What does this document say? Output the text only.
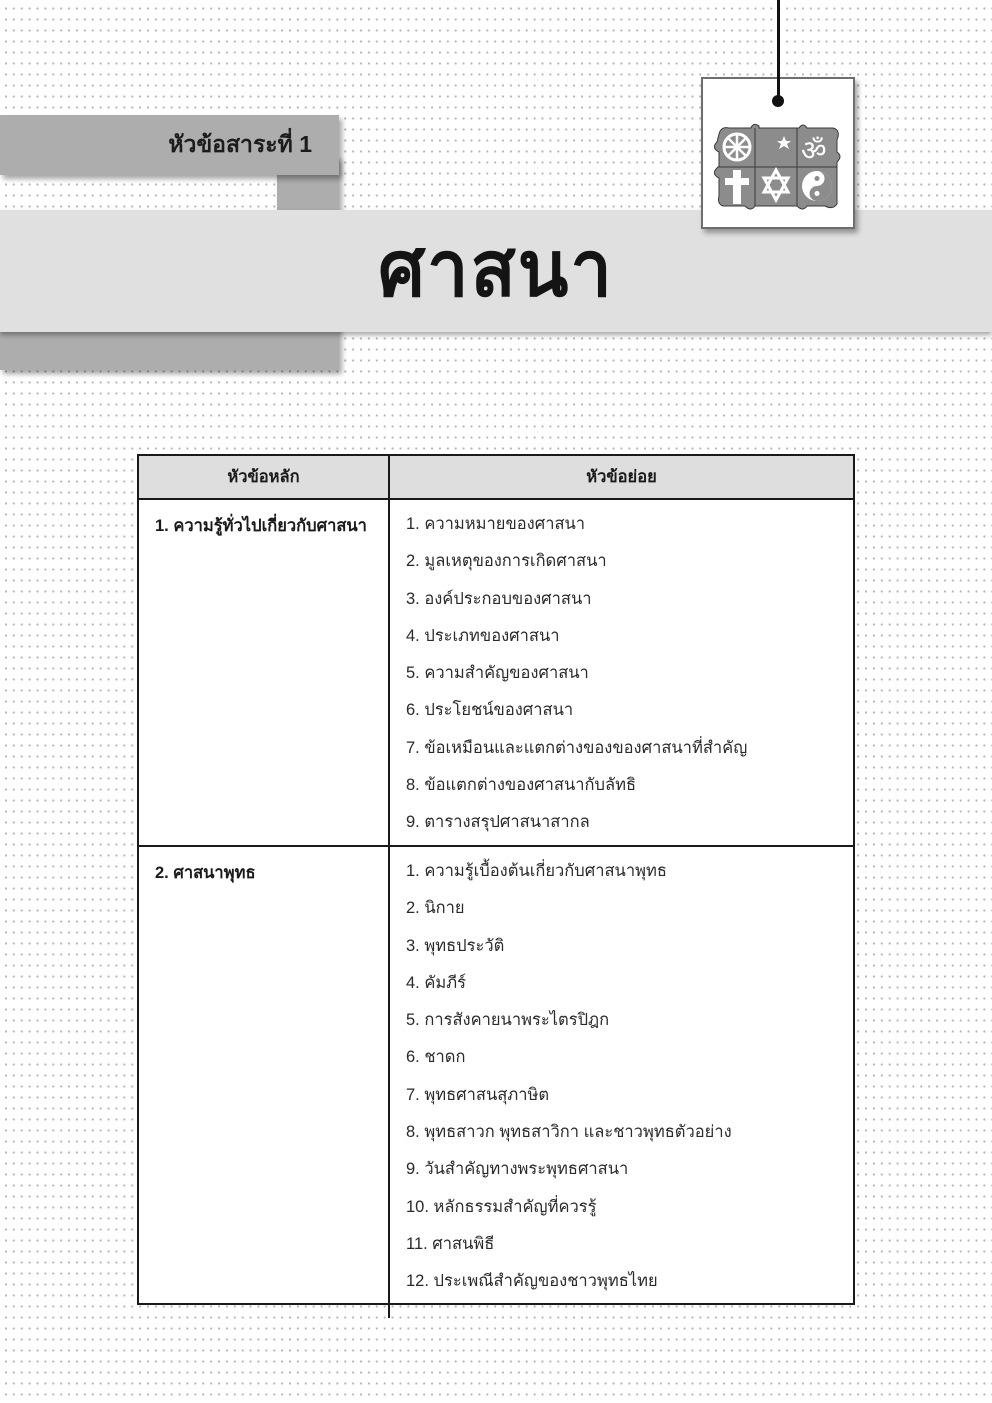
หัวข้อสาระที่ 1
ศาสนา
ॐ
หัวข้อหลัก	หัวข้อย่อย
1. ความรู้ทั่วไปเกี่ยวกับศาสนา	1. ความหมายของศาสนา
2. มูลเหตุของการเกิดศาสนา
3. องค์ประกอบของศาสนา
4. ประเภทของศาสนา
5. ความสำคัญของศาสนา
6. ประโยชน์ของศาสนา
7. ข้อเหมือนและแตกต่างของของศาสนาที่สำคัญ
8. ข้อแตกต่างของศาสนากับลัทธิ
9. ตารางสรุปศาสนาสากล
2. ศาสนาพุทธ	1. ความรู้เบื้องต้นเกี่ยวกับศาสนาพุทธ
2. นิกาย
3. พุทธประวัติ
4. คัมภีร์
5. การสังคายนาพระไตรปิฎก
6. ชาดก
7. พุทธศาสนสุภาษิต
8. พุทธสาวก พุทธสาวิกา และชาวพุทธตัวอย่าง
9. วันสำคัญทางพระพุทธศาสนา
10. หลักธรรมสำคัญที่ควรรู้
11. ศาสนพิธี
12. ประเพณีสำคัญของชาวพุทธไทย
